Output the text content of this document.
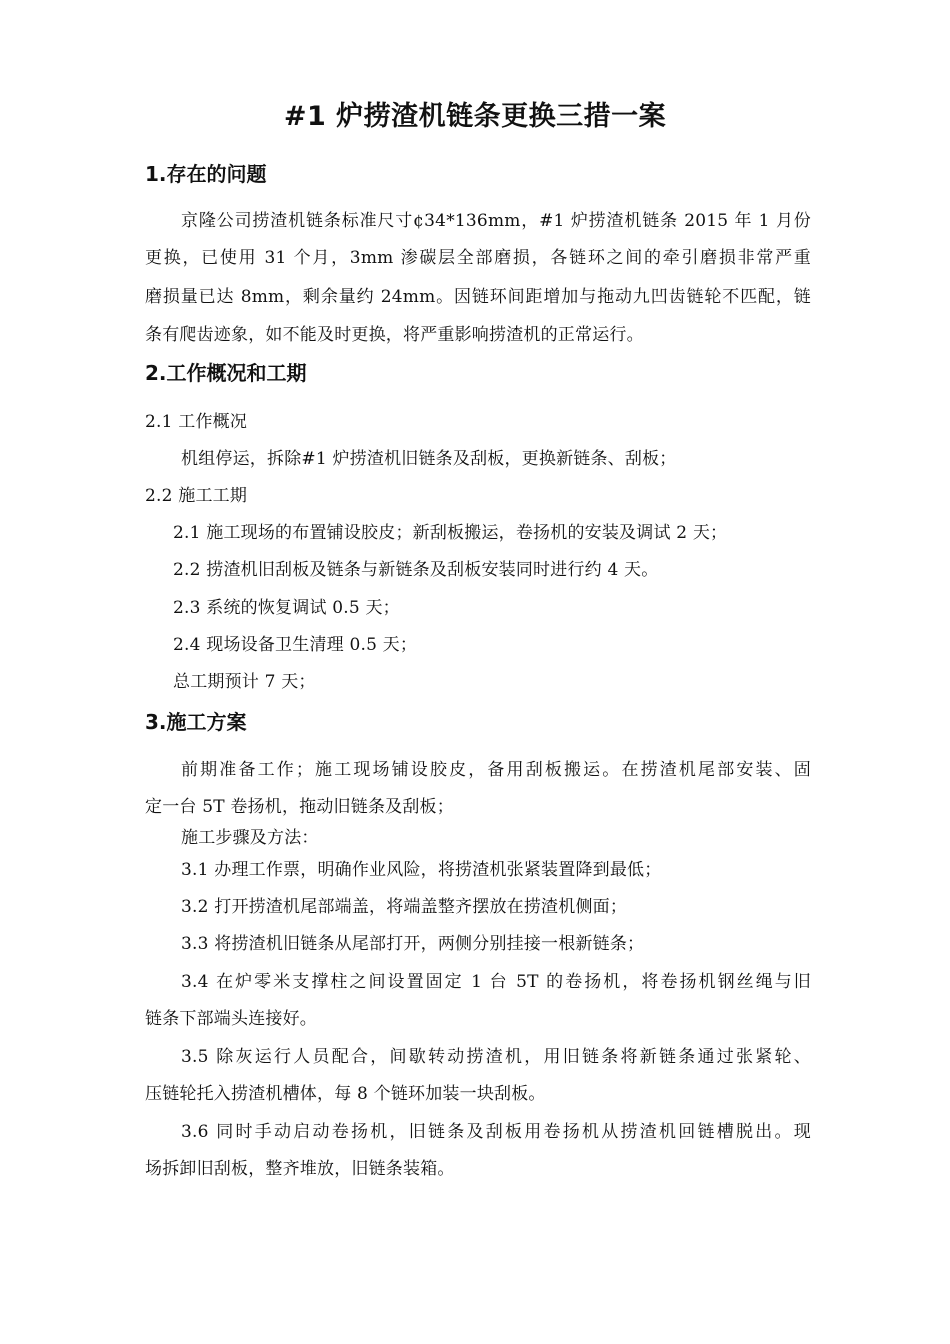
#1 炉捞渣机链条更换三措一案
1.存在的问题
京隆公司捞渣机链条标准尺寸¢34*136mm，#1 炉捞渣机链条 2015 年 1 月份
更换，已使用 31 个月，3mm 渗碳层全部磨损，各链环之间的牵引磨损非常严重
磨损量已达 8mm，剩余量约 24mm。因链环间距增加与拖动九凹齿链轮不匹配，链
条有爬齿迹象，如不能及时更换，将严重影响捞渣机的正常运行。
2.工作概况和工期
2.1 工作概况
机组停运，拆除#1 炉捞渣机旧链条及刮板，更换新链条、刮板；
2.2 施工工期
2.1 施工现场的布置铺设胶皮；新刮板搬运，卷扬机的安装及调试 2 天；
2.2 捞渣机旧刮板及链条与新链条及刮板安装同时进行约 4 天。
2.3 系统的恢复调试 0.5 天；
2.4 现场设备卫生清理 0.5 天；
总工期预计 7 天；
3.施工方案
前期准备工作；施工现场铺设胶皮，备用刮板搬运。在捞渣机尾部安装、固
定一台 5T 卷扬机，拖动旧链条及刮板；
施工步骤及方法：
3.1 办理工作票，明确作业风险，将捞渣机张紧装置降到最低；
3.2 打开捞渣机尾部端盖，将端盖整齐摆放在捞渣机侧面；
3.3 将捞渣机旧链条从尾部打开，两侧分别挂接一根新链条；
3.4 在炉零米支撑柱之间设置固定 1 台 5T 的卷扬机，将卷扬机钢丝绳与旧
链条下部端头连接好。
3.5 除灰运行人员配合，间歇转动捞渣机，用旧链条将新链条通过张紧轮、
压链轮托入捞渣机槽体，每 8 个链环加装一块刮板。
3.6 同时手动启动卷扬机，旧链条及刮板用卷扬机从捞渣机回链槽脱出。现
场拆卸旧刮板，整齐堆放，旧链条装箱。
